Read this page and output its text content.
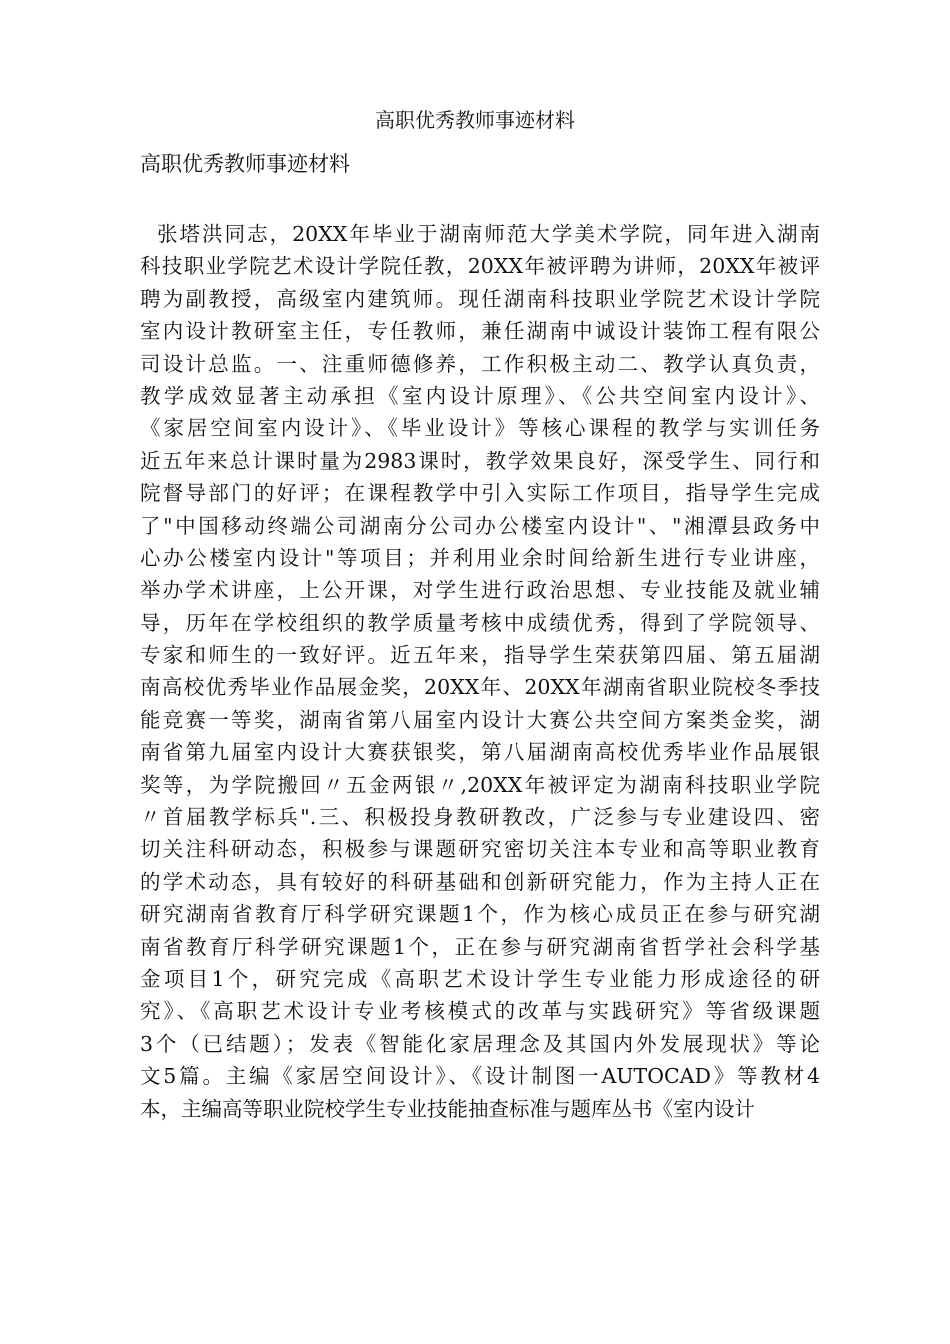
高职优秀教师事迹材料
高职优秀教师事迹材料
张塔洪同志，20XX年毕业于湖南师范大学美术学院，同年进入湖南
科技职业学院艺术设计学院任教，20XX年被评聘为讲师，20XX年被评
聘为副教授，高级室内建筑师。现任湖南科技职业学院艺术设计学院
室内设计教研室主任，专任教师，兼任湖南中诚设计装饰工程有限公
司设计总监。一、注重师德修养，工作积极主动二、教学认真负责，
教学成效显著主动承担《室内设计原理》、《公共空间室内设计》、
《家居空间室内设计》、《毕业设计》等核心课程的教学与实训任务
近五年来总计课时量为2983课时，教学效果良好，深受学生、同行和
院督导部门的好评；在课程教学中引入实际工作项目，指导学生完成
了"中国移动终端公司湖南分公司办公楼室内设计"、"湘潭县政务中
心办公楼室内设计"等项目；并利用业余时间给新生进行专业讲座，
举办学术讲座，上公开课，对学生进行政治思想、专业技能及就业辅
导，历年在学校组织的教学质量考核中成绩优秀，得到了学院领导、
专家和师生的一致好评。近五年来，指导学生荣获第四届、第五届湖
南高校优秀毕业作品展金奖，20XX年、20XX年湖南省职业院校冬季技
能竞赛一等奖，湖南省第八届室内设计大赛公共空间方案类金奖，湖
南省第九届室内设计大赛获银奖，第八届湖南高校优秀毕业作品展银
奖等，为学院搬回〃五金两银〃,20XX年被评定为湖南科技职业学院
〃首届教学标兵".三、积极投身教研教改，广泛参与专业建设四、密
切关注科研动态，积极参与课题研究密切关注本专业和高等职业教育
的学术动态，具有较好的科研基础和创新研究能力，作为主持人正在
研究湖南省教育厅科学研究课题1个，作为核心成员正在参与研究湖
南省教育厅科学研究课题1个，正在参与研究湖南省哲学社会科学基
金项目1个，研究完成《高职艺术设计学生专业能力形成途径的研
究》、《高职艺术设计专业考核模式的改革与实践研究》等省级课题
3个（已结题）；发表《智能化家居理念及其国内外发展现状》等论
文5篇。主编《家居空间设计》、《设计制图一AUTOCAD》等教材4
本，主编高等职业院校学生专业技能抽查标准与题库丛书《室内设计
